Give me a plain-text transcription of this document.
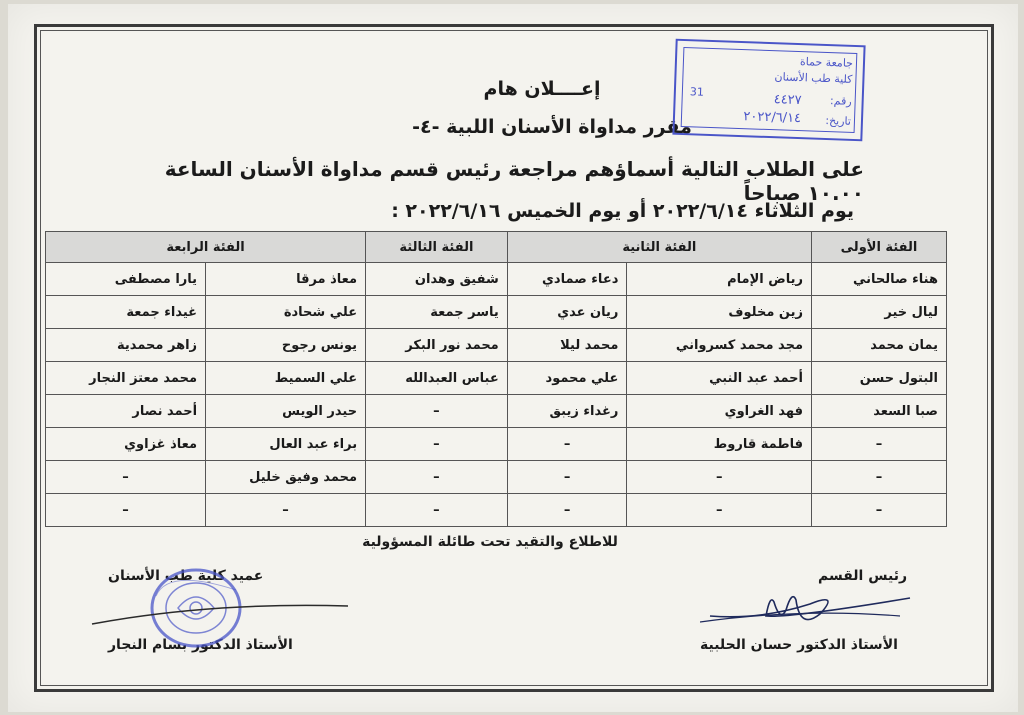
إعــــلان هام
مقرر مداواة الأسنان اللبية -٤-
على الطلاب التالية أسماؤهم مراجعة رئيس قسم مداواة الأسنان الساعة ١٠.٠٠ صباحاً
يوم الثلاثاء ٢٠٢٢/٦/١٤ أو يوم الخميس ٢٠٢٢/٦/١٦ :
جامعة حماة
كلية طب الأسنان
رقم:
٤٤٢٧
31
تاريخ:
٢٠٢٢/٦/١٤
الفئة الأولى	الفئة الثانية		الفئة الثالثة	الفئة الرابعة	
هناء صالحاني	رياض الإمام	دعاء صمادي	شفيق وهدان	معاذ مرقا	يارا مصطفى
ليال خير	زين مخلوف	ريان عدي	ياسر جمعة	علي شحادة	غيداء جمعة
يمان محمد	مجد محمد كسرواني	محمد ليلا	محمد نور البكر	يونس رجوح	زاهر محمدية
البتول حسن	أحمد عبد النبي	علي محمود	عباس العبدالله	علي السميط	محمد معتز النجار
صبا السعد	فهد الغراوي	رغداء زيبق	–	حيدر الويس	أحمد نصار
–	فاطمة قاروط	–	–	براء عبد العال	معاذ غزاوي
–	–	–	–	محمد وفيق خليل	–
–	–	–	–	–	–
للاطلاع والتقيد تحت طائلة المسؤولية
عميد كلية طب الأسنان
الأستاذ الدكتور بسام النجار
رئيس القسم
الأستاذ الدكتور حسان الحلبية
